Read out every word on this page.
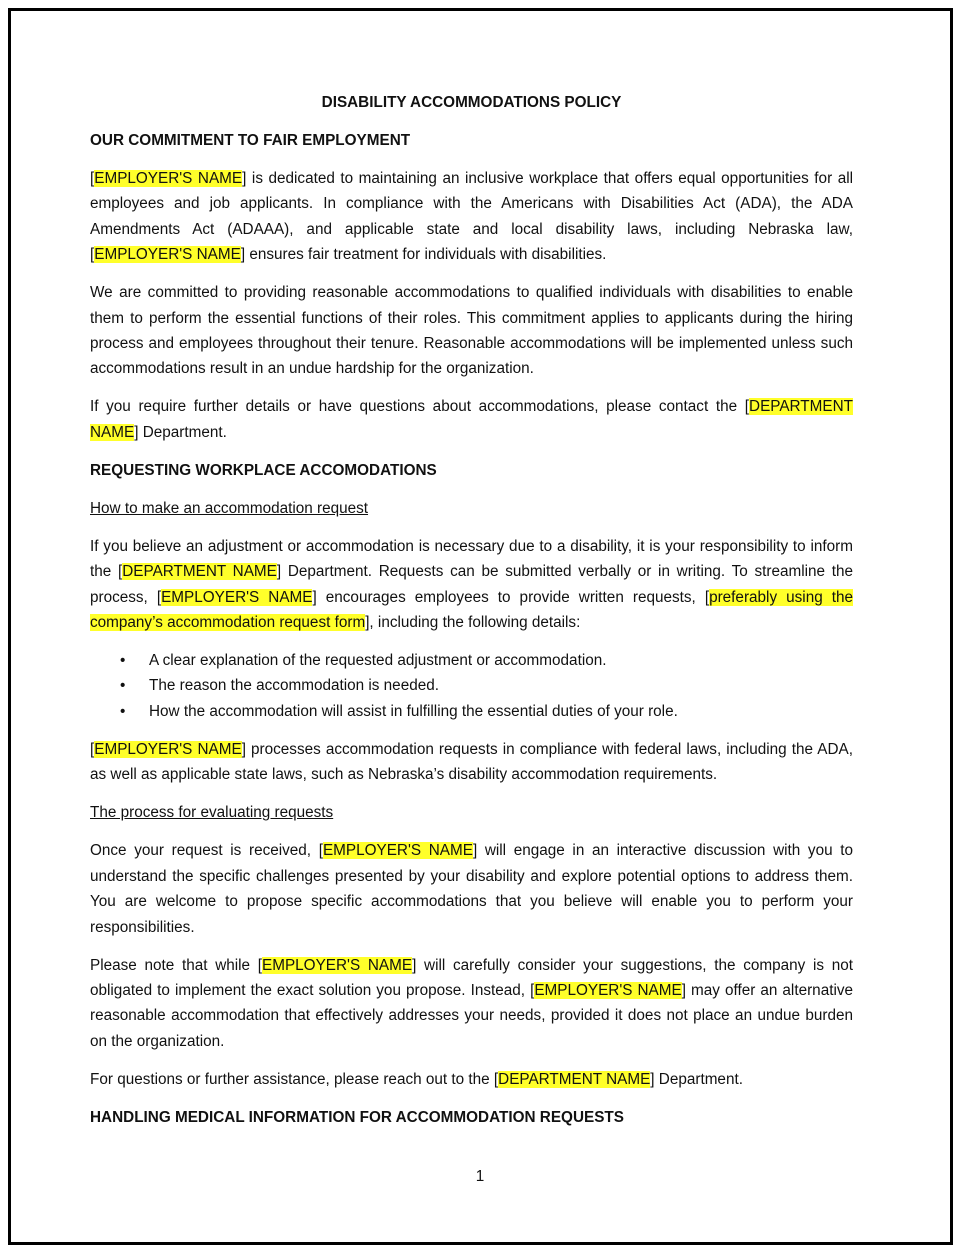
DISABILITY ACCOMMODATIONS POLICY
OUR COMMITMENT TO FAIR EMPLOYMENT
[EMPLOYER'S NAME] is dedicated to maintaining an inclusive workplace that offers equal opportunities for all employees and job applicants. In compliance with the Americans with Disabilities Act (ADA), the ADA Amendments Act (ADAAA), and applicable state and local disability laws, including Nebraska law, [EMPLOYER'S NAME] ensures fair treatment for individuals with disabilities.
We are committed to providing reasonable accommodations to qualified individuals with disabilities to enable them to perform the essential functions of their roles. This commitment applies to applicants during the hiring process and employees throughout their tenure. Reasonable accommodations will be implemented unless such accommodations result in an undue hardship for the organization.
If you require further details or have questions about accommodations, please contact the [DEPARTMENT NAME] Department.
REQUESTING WORKPLACE ACCOMODATIONS
How to make an accommodation request
If you believe an adjustment or accommodation is necessary due to a disability, it is your responsibility to inform the [DEPARTMENT NAME] Department. Requests can be submitted verbally or in writing. To streamline the process, [EMPLOYER'S NAME] encourages employees to provide written requests, [preferably using the company’s accommodation request form], including the following details:
• A clear explanation of the requested adjustment or accommodation.
• The reason the accommodation is needed.
• How the accommodation will assist in fulfilling the essential duties of your role.
[EMPLOYER'S NAME] processes accommodation requests in compliance with federal laws, including the ADA, as well as applicable state laws, such as Nebraska’s disability accommodation requirements.
The process for evaluating requests
Once your request is received, [EMPLOYER'S NAME] will engage in an interactive discussion with you to understand the specific challenges presented by your disability and explore potential options to address them. You are welcome to propose specific accommodations that you believe will enable you to perform your responsibilities.
Please note that while [EMPLOYER'S NAME] will carefully consider your suggestions, the company is not obligated to implement the exact solution you propose. Instead, [EMPLOYER'S NAME] may offer an alternative reasonable accommodation that effectively addresses your needs, provided it does not place an undue burden on the organization.
For questions or further assistance, please reach out to the [DEPARTMENT NAME] Department.
HANDLING MEDICAL INFORMATION FOR ACCOMMODATION REQUESTS
1
